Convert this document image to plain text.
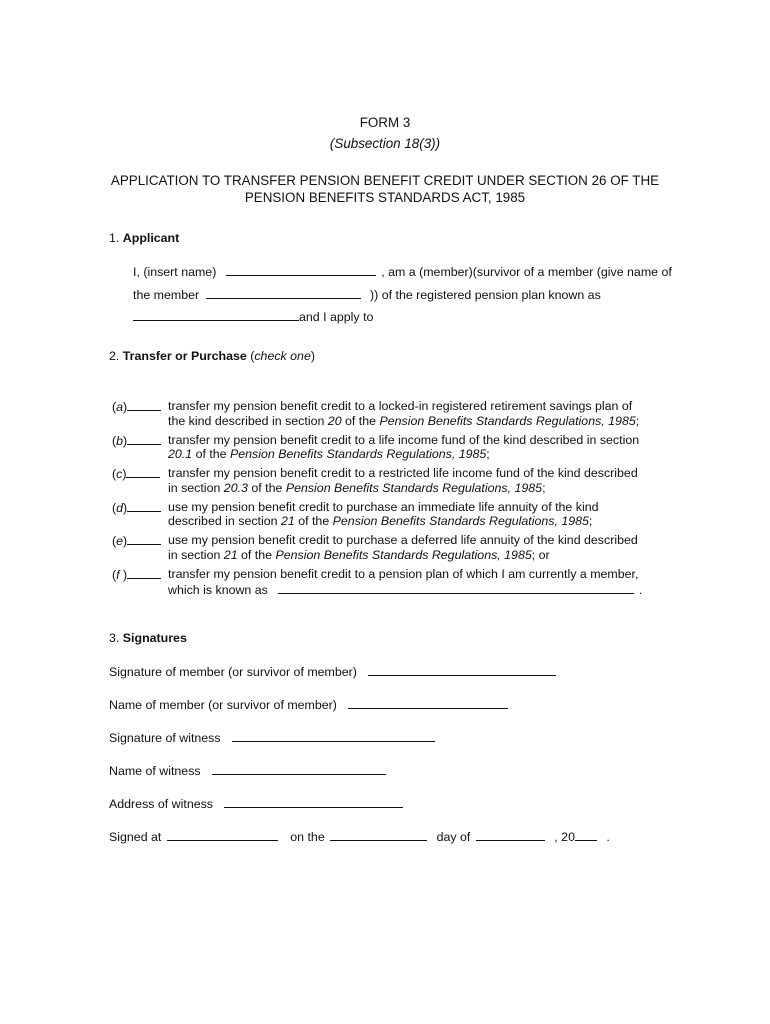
FORM 3
(Subsection 18(3))
APPLICATION TO TRANSFER PENSION BENEFIT CREDIT UNDER SECTION 26 OF THE
PENSION BENEFITS STANDARDS ACT, 1985
1. Applicant
I, (insert name)	, am a (member)(survivor of a member (give name of
the member	)) of the registered pension plan known as
and I apply to
2. Transfer or Purchase (check one)
(a)	transfer my pension benefit credit to a locked-in registered retirement savings plan of
the kind described in section 20 of the Pension Benefits Standards Regulations, 1985;
(b)	transfer my pension benefit credit to a life income fund of the kind described in section
20.1 of the Pension Benefits Standards Regulations, 1985;
(c)	transfer my pension benefit credit to a restricted life income fund of the kind described
in section 20.3 of the Pension Benefits Standards Regulations, 1985;
(d)	use my pension benefit credit to purchase an immediate life annuity of the kind
described in section 21 of the Pension Benefits Standards Regulations, 1985;
(e)	use my pension benefit credit to purchase a deferred life annuity of the kind described
in section 21 of the Pension Benefits Standards Regulations, 1985; or
(f )	transfer my pension benefit credit to a pension plan of which I am currently a member,
which is known as	.
3. Signatures
Signature of member (or survivor of member)
Name of member (or survivor of member)
Signature of witness
Name of witness
Address of witness
Signed at	on the	day of	, 20	.
